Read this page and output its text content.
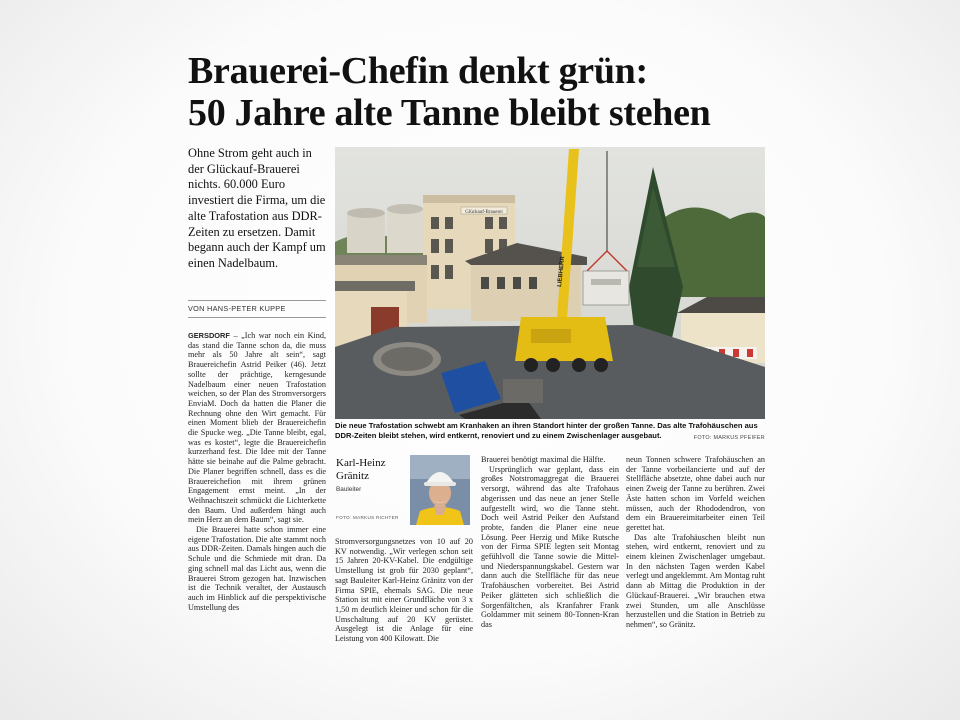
Brauerei-Chefin denkt grün:
50 Jahre alte Tanne bleibt stehen

Ohne Strom geht auch in der Glückauf-Brauerei nichts. 60.000 Euro investiert die Firma, um die alte Trafostation aus DDR-Zeiten zu ersetzen. Damit begann auch der Kampf um einen Nadelbaum.

VON HANS-PETER KUPPE

GERSDORF – „Ich war noch ein Kind, das stand die Tanne schon da, die muss mehr als 50 Jahre alt sein“, sagt Brauereichefin Astrid Peiker (46). Jetzt sollte der prächtige, kerngesunde Nadelbaum einer neuen Trafostation weichen, so der Plan des Stromversorgers EnviaM. Doch da hatten die Planer die Rechnung ohne den Wirt gemacht. Für einen Moment blieb der Brauereichefin die Spucke weg. „Die Tanne bleibt, egal, was es kostet“, legte die Brauereichefin kurzerhand fest. Die Idee mit der Tanne hätte sie beinahe auf die Palme gebracht. Die Planer begriffen schnell, dass es die Brauereichefion mit ihrem grünen Engagement ernst meint. „In der Weihnachtszeit schmückt die Lichterkette den Baum. Und außerdem hängt auch mein Herz an dem Baum“, sagt sie.

Die Brauerei hatte schon immer eine eigene Trafostation. Die alte stammt noch aus DDR-Zeiten. Damals hingen auch die Schule und die Schmiede mit dran. Da ging schnell mal das Licht aus, wenn die Brauerei Strom gezogen hat. Inzwischen ist die Technik veraltet, der Austausch auch im Hinblick auf die perspektivische Umstellung des

Glückauf-Brauerei
LIEBHERR
Die neue Trafostation schwebt am Kranhaken an ihren Standort hinter der großen Tanne. Das alte Trafohäuschen aus DDR-Zeiten bleibt stehen, wird entkernt, renoviert und zu einem Zwischenlager ausgebaut.	FOTO: MARKUS PFEIFER
Karl-Heinz Gränitz
Bauleiter
FOTO: MARKUS RICHTER

Stromversorgungsnetzes von 10 auf 20 KV notwendig. „Wir verlegen schon seit 15 Jahren 20-KV-Kabel. Die endgültige Umstellung ist grob für 2030 geplant“, sagt Bauleiter Karl-Heinz Gränitz von der Firma SPIE, ehemals SAG. Die neue Station ist mit einer Grundfläche von 3 x 1,50 m deutlich kleiner und schon für die Umschaltung auf 20 KV gerüstet. Ausgelegt ist die Anlage für eine Leistung von 400 Kilowatt. Die

Brauerei benötigt maximal die Hälfte.

Ursprünglich war geplant, dass ein großes Notstromaggregat die Brauerei versorgt, während das alte Trafohaus abgerissen und das neue an jener Stelle aufgestellt wird, wo die Tanne steht. Doch weil Astrid Peiker den Aufstand probte, fanden die Planer eine neue Lösung. Peer Herzig und Mike Rutsche von der Firma SPIE legten seit Montag gefühlvoll die Tanne sowie die Mittel- und Niederspannungskabel. Gestern war dann auch die Stellfläche für das neue Trafohäuschen vorbereitet. Bei Astrid Peiker glätteten sich schließlich die Sorgenfältchen, als Kranfahrer Frank Goldammer mit seinem 80-Tonnen-Kran das

neun Tonnen schwere Trafohäuschen an der Tanne vorbeilancierte und auf der Stellfläche absetzte, ohne dabei auch nur einen Zweig der Tanne zu berühren. Zwei Äste hatten schon im Vorfeld weichen müssen, auch der Rhododendron, von dem ein Brauereimitarbeiter einen Teil gerettet hat.

Das alte Trafohäuschen bleibt nun stehen, wird entkernt, renoviert und zu einem kleinen Zwischenlager umgebaut. In den nächsten Tagen werden Kabel verlegt und angeklemmt. Am Montag ruht dann ab Mittag die Produktion in der Glückauf-Brauerei. „Wir brauchen etwa zwei Stunden, um alle Anschlüsse herzustellen und die Station in Betrieb zu nehmen“, so Gränitz.
